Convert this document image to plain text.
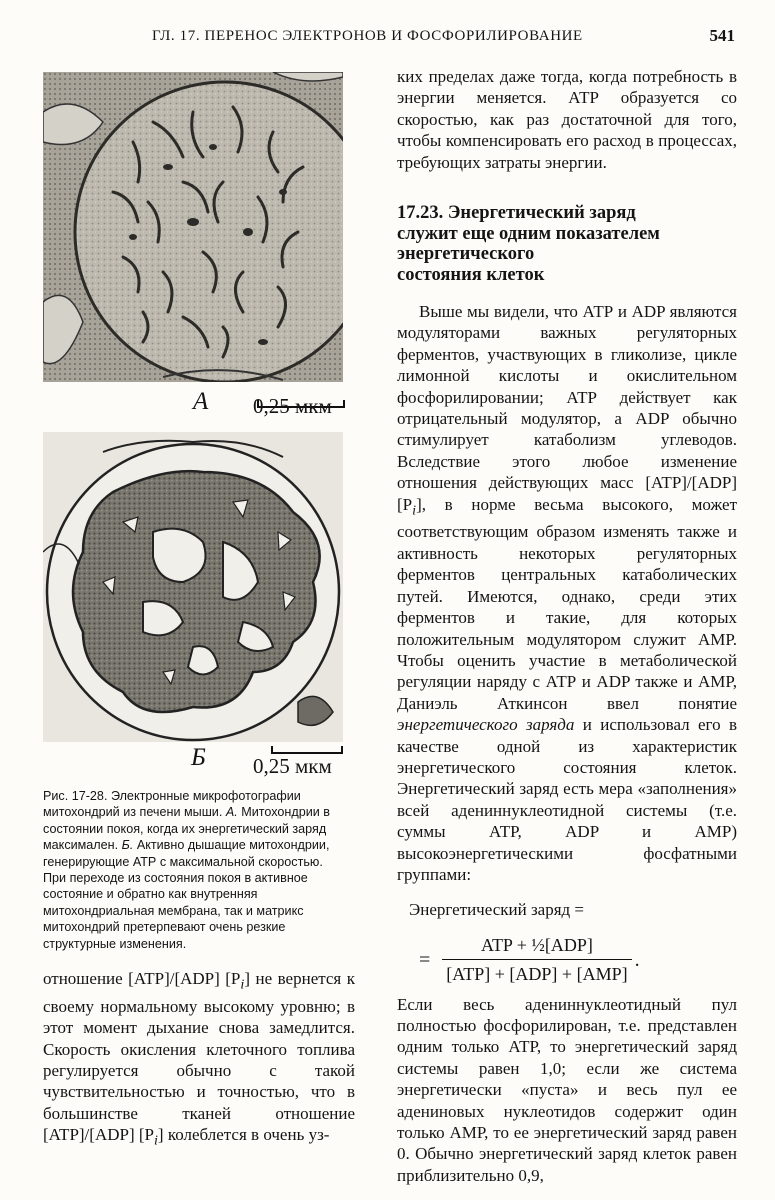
ГЛ. 17. ПЕРЕНОС ЭЛЕКТРОНОВ И ФОСФОРИЛИРОВАНИЕ	541
А 0,25 мкм
Б 0,25 мкм
Рис. 17-28. Электронные микрофотографии митохондрий из печени мыши. А. Митохондрии в состоянии покоя, когда их энергетический заряд максимален. Б. Активно дышащие митохондрии, генерирующие АТР с максимальной скоростью. При переходе из состояния покоя в активное состояние и обратно как внутренняя митохондриальная мембрана, так и матрикс митохондрий претерпевают очень резкие структурные изменения.

отношение [ATP]/[ADP] $[P_i]$ не вернется к своему нормальному высокому уровню; в этот момент дыхание снова замедлится. Скорость окисления клеточного топлива регулируется обычно с такой чувствительностью и точностью, что в большинстве тканей отношение [ATP]/[ADP] $[P_i]$ колеблется в очень уз-

ких пределах даже тогда, когда потребность в энергии меняется. АТР образуется со скоростью, как раз достаточной для того, чтобы компенсировать его расход в процессах, требующих затраты энергии.

17.23. Энергетический заряд
служит еще одним показателем
энергетического
состояния клеток

Выше мы видели, что АТР и ADP являются модуляторами важных регуляторных ферментов, участвующих в гликолизе, цикле лимонной кислоты и окислительном фосфорилировании; АТР действует как отрицательный модулятор, а ADP обычно стимулирует катаболизм углеводов. Вследствие этого любое изменение отношения действующих масс [ATP]/[ADP] $[P_i]$, в норме весьма высокого, может соответствующим образом изменять также и активность некоторых регуляторных ферментов центральных катаболических путей. Имеются, однако, среди этих ферментов и такие, для которых положительным модулятором служит АМР. Чтобы оценить участие в метаболической регуляции наряду с АТР и ADP также и АМР, Даниэль Аткинсон ввел понятие энергетического заряда и использовал его в качестве одной из характеристик энергетического состояния клеток. Энергетический заряд есть мера «заполнения» всей адениннуклеотидной системы (т.е. суммы АТР, ADP и АМР) высокоэнергетическими фосфатными группами:

Энергетический заряд =
= $\frac{\text{ATP + ½[ADP]}}{\text{[ATP] + [ADP] + [AMP]}}$ .

Если весь адениннуклеотидный пул полностью фосфорилирован, т.е. представлен одним только АТР, то энергетический заряд системы равен 1,0; если же система энергетически «пуста» и весь пул ее адениновых нуклеотидов содержит один только АМР, то ее энергетический заряд равен 0. Обычно энергетический заряд клеток равен приблизительно 0,9,
